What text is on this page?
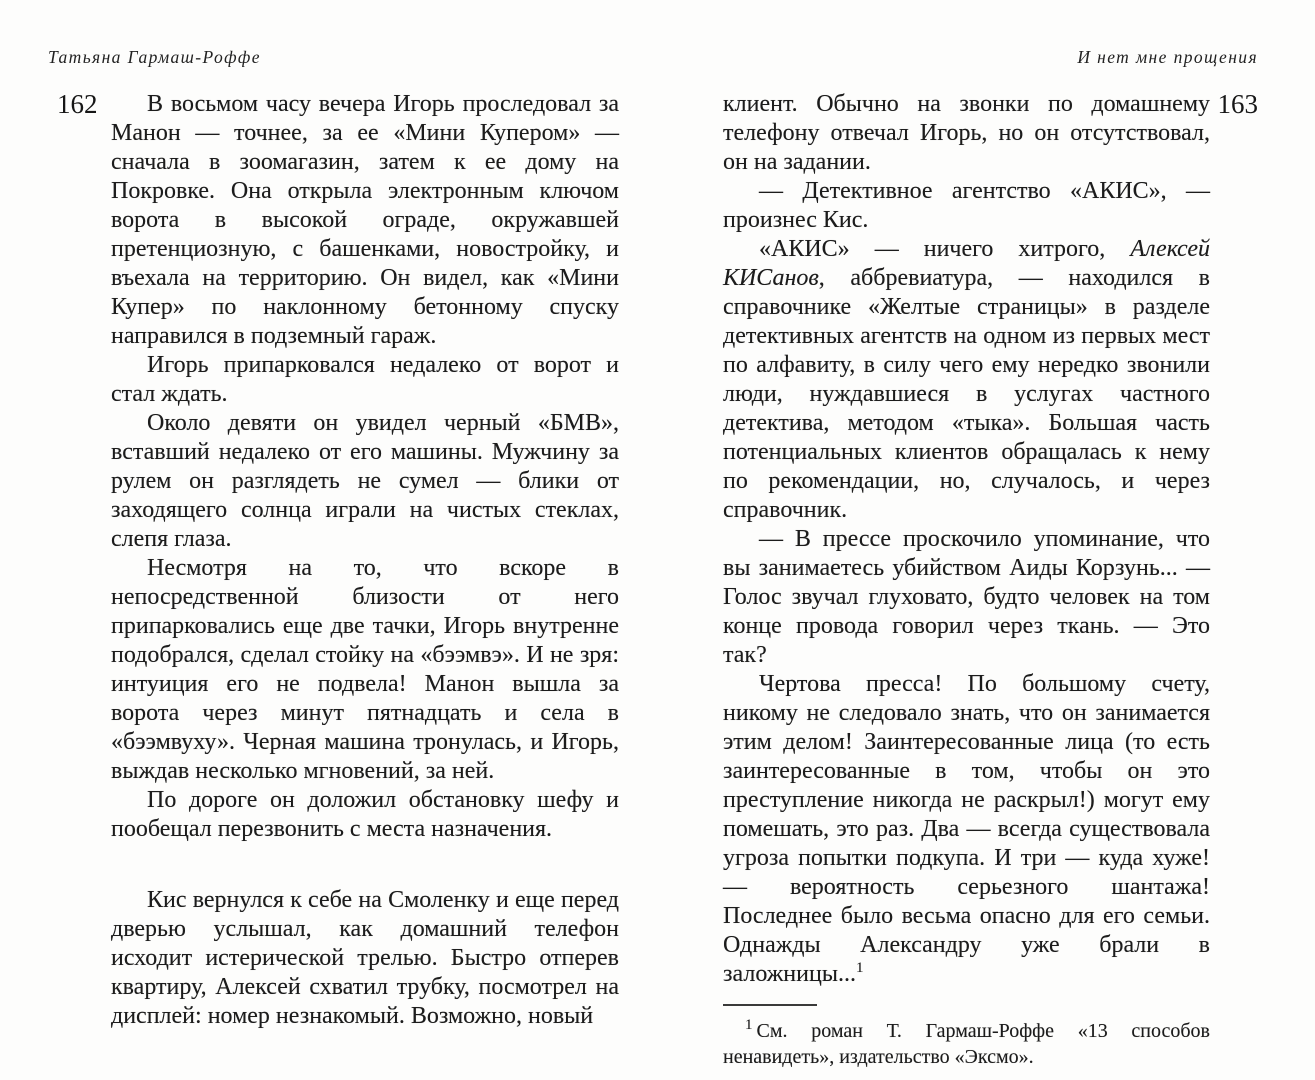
Татьяна Гармаш-Роффе
162	В восьмом часу вечера Игорь проследовал за Манон — точнее, за ее «Мини Купером» — сначала в зоомагазин, затем к ее дому на Покровке. Она открыла электронным ключом ворота в высокой ограде, окружавшей претенциозную, с башенками, новостройку, и въехала на территорию. Он видел, как «Мини Купер» по наклонному бетонному спуску направился в подземный гараж.

Игорь припарковался недалеко от ворот и стал ждать.

Около девяти он увидел черный «БМВ», вставший недалеко от его машины. Мужчину за рулем он разглядеть не сумел — блики от заходящего солнца играли на чистых стеклах, слепя глаза.

Несмотря на то, что вскоре в непосредственной близости от него припарковались еще две тачки, Игорь внутренне подобрался, сделал стойку на «бээмвэ». И не зря: интуиция его не подвела! Манон вышла за ворота через минут пятнадцать и села в «бээмвуху». Черная машина тронулась, и Игорь, выждав несколько мгновений, за ней.

По дороге он доложил обстановку шефу и пообещал перезвонить с места назначения.

Кис вернулся к себе на Смоленку и еще перед дверью услышал, как домашний телефон исходит истерической трелью. Быстро отперев квартиру, Алексей схватил трубку, посмотрел на дисплей: номер незнакомый. Возможно, новый

И нет мне прощения
163

клиент. Обычно на звонки по домашнему телефону отвечал Игорь, но он отсутствовал, он на задании.

— Детективное агентство «АКИС», — произнес Кис.

«АКИС» — ничего хитрого, Алексей КИСанов, аббревиатура, — находился в справочнике «Желтые страницы» в разделе детективных агентств на одном из первых мест по алфавиту, в силу чего ему нередко звонили люди, нуждавшиеся в услугах частного детектива, методом «тыка». Большая часть потенциальных клиентов обращалась к нему по рекомендации, но, случалось, и через справочник.

— В прессе проскочило упоминание, что вы занимаетесь убийством Аиды Корзунь... — Голос звучал глуховато, будто человек на том конце провода говорил через ткань. — Это так?

Чертова пресса! По большому счету, никому не следовало знать, что он занимается этим делом! Заинтересованные лица (то есть заинтересованные в том, чтобы он это преступление никогда не раскрыл!) могут ему помешать, это раз. Два — всегда существовала угроза попытки подкупа. И три — куда хуже! — вероятность серьезного шантажа! Последнее было весьма опасно для его семьи. Однажды Александру уже брали в заложницы...$^1$

$^1$ См. роман Т. Гармаш-Роффе «13 способов ненавидеть», издательство «Эксмо».
